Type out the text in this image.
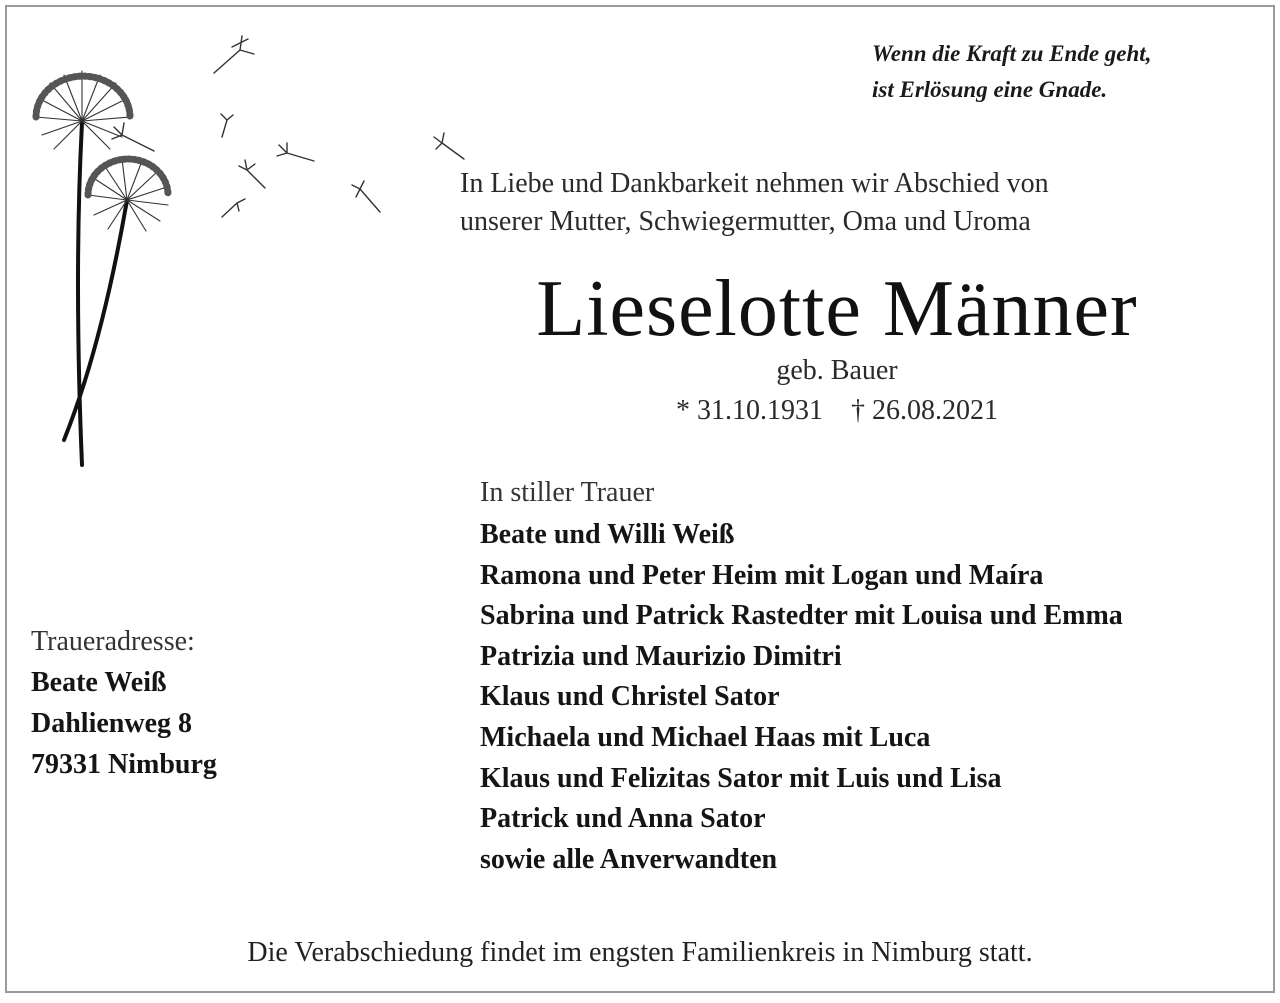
Wenn die Kraft zu Ende geht,
ist Erlösung eine Gnade.
In Liebe und Dankbarkeit nehmen wir Abschied von
unserer Mutter, Schwiegermutter, Oma und Uroma
Lieselotte Männer
geb. Bauer
* 31.10.1931 † 26.08.2021
In stiller Trauer
Beate und Willi Weiß
Ramona und Peter Heim mit Logan und Maíra
Sabrina und Patrick Rastedter mit Louisa und Emma
Patrizia und Maurizio Dimitri
Klaus und Christel Sator
Michaela und Michael Haas mit Luca
Klaus und Felizitas Sator mit Luis und Lisa
Patrick und Anna Sator
sowie alle Anverwandten
Traueradresse:
Beate Weiß
Dahlienweg 8
79331 Nimburg
Die Verabschiedung findet im engsten Familienkreis in Nimburg statt.
